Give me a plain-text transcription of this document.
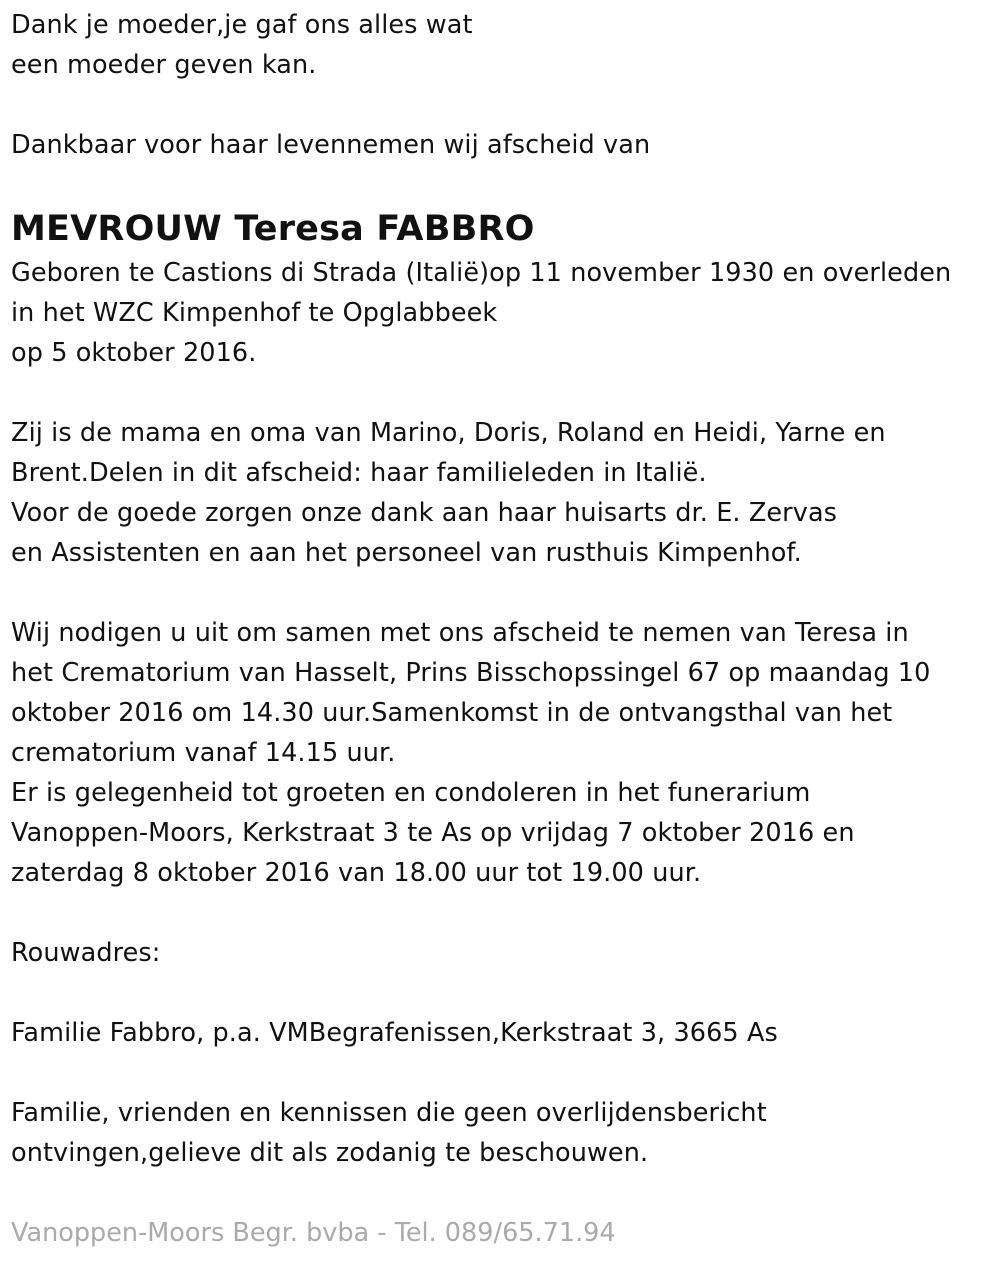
Dank je moeder,je gaf ons alles wat
een moeder geven kan.
Dankbaar voor haar levennemen wij afscheid van
MEVROUW Teresa FABBRO
Geboren te Castions di Strada (Italië)op 11 november 1930 en overleden
in het WZC Kimpenhof te Opglabbeek
op 5 oktober 2016.
Zij is de mama en oma van Marino, Doris, Roland en Heidi, Yarne en
Brent.Delen in dit afscheid: haar familieleden in Italië.
Voor de goede zorgen onze dank aan haar huisarts dr. E. Zervas
en Assistenten en aan het personeel van rusthuis Kimpenhof.
Wij nodigen u uit om samen met ons afscheid te nemen van Teresa in
het Crematorium van Hasselt, Prins Bisschopssingel 67 op maandag 10
oktober 2016 om 14.30 uur.Samenkomst in de ontvangsthal van het
crematorium vanaf 14.15 uur.
Er is gelegenheid tot groeten en condoleren in het funerarium
Vanoppen-Moors, Kerkstraat 3 te As op vrijdag 7 oktober 2016 en
zaterdag 8 oktober 2016 van 18.00 uur tot 19.00 uur.
Rouwadres:
Familie Fabbro, p.a. VMBegrafenissen,Kerkstraat 3, 3665 As
Familie, vrienden en kennissen die geen overlijdensbericht
ontvingen,gelieve dit als zodanig te beschouwen.
Vanoppen-Moors Begr. bvba - Tel. 089/65.71.94
